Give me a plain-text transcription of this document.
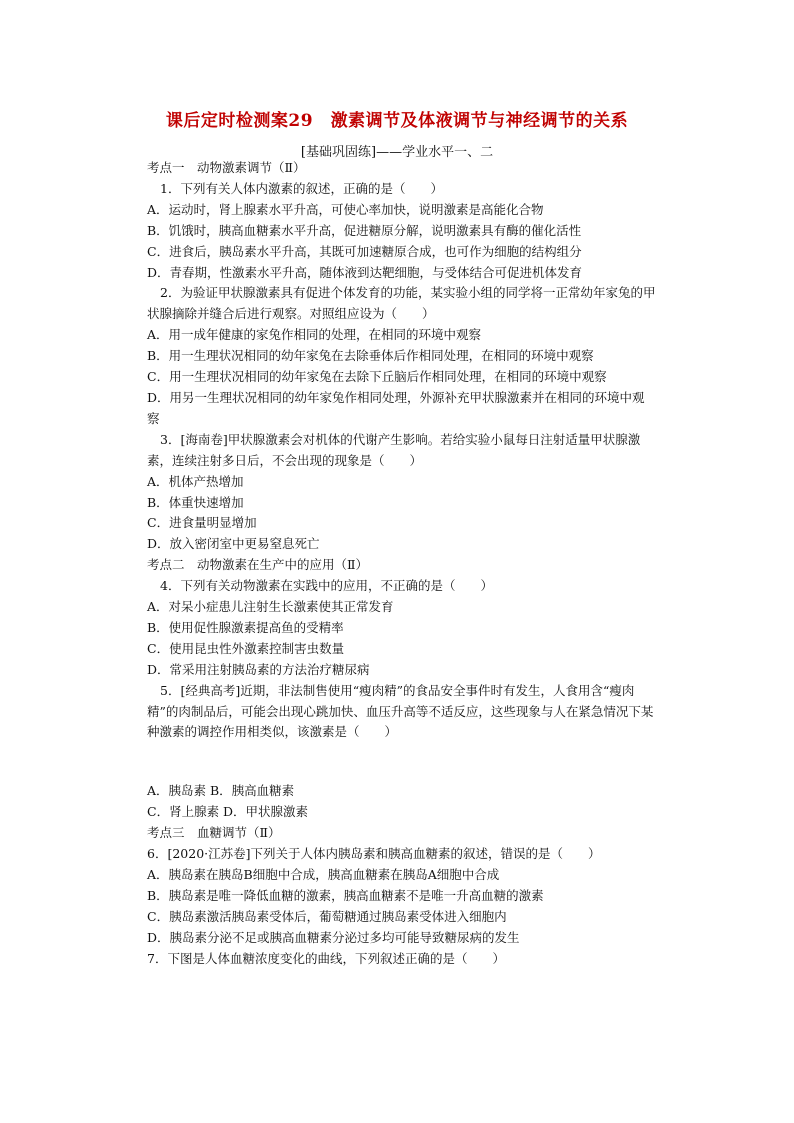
课后定时检测案29　激素调节及体液调节与神经调节的关系
[基础巩固练]——学业水平一、二
考点一　动物激素调节（Ⅱ）
1．下列有关人体内激素的叙述，正确的是（　　）
A．运动时，肾上腺素水平升高，可使心率加快，说明激素是高能化合物
B．饥饿时，胰高血糖素水平升高，促进糖原分解，说明激素具有酶的催化活性
C．进食后，胰岛素水平升高，其既可加速糖原合成，也可作为细胞的结构组分
D．青春期，性激素水平升高，随体液到达靶细胞，与受体结合可促进机体发育
2．为验证甲状腺激素具有促进个体发育的功能，某实验小组的同学将一正常幼年家兔的甲状腺摘除并缝合后进行观察。对照组应设为（　　）
A．用一成年健康的家兔作相同的处理，在相同的环境中观察
B．用一生理状况相同的幼年家兔在去除垂体后作相同处理，在相同的环境中观察
C．用一生理状况相同的幼年家兔在去除下丘脑后作相同处理，在相同的环境中观察
D．用另一生理状况相同的幼年家兔作相同处理，外源补充甲状腺激素并在相同的环境中观察
3．[海南卷]甲状腺激素会对机体的代谢产生影响。若给实验小鼠每日注射适量甲状腺激素，连续注射多日后，不会出现的现象是（　　）
A．机体产热增加
B．体重快速增加
C．进食量明显增加
D．放入密闭室中更易窒息死亡
考点二　动物激素在生产中的应用（Ⅱ）
4．下列有关动物激素在实践中的应用，不正确的是（　　）
A．对呆小症患儿注射生长激素使其正常发育
B．使用促性腺激素提高鱼的受精率
C．使用昆虫性外激素控制害虫数量
D．常采用注射胰岛素的方法治疗糖尿病
5．[经典高考]近期，非法制售使用“瘦肉精”的食品安全事件时有发生，人食用含“瘦肉精”的肉制品后，可能会出现心跳加快、血压升高等不适反应，这些现象与人在紧急情况下某种激素的调控作用相类似，该激素是（　　）
A．胰岛素 B．胰高血糖素
C．肾上腺素 D．甲状腺激素
考点三　血糖调节（Ⅱ）
6．[2020·江苏卷]下列关于人体内胰岛素和胰高血糖素的叙述，错误的是（　　）
A．胰岛素在胰岛B细胞中合成，胰高血糖素在胰岛A细胞中合成
B．胰岛素是唯一降低血糖的激素，胰高血糖素不是唯一升高血糖的激素
C．胰岛素激活胰岛素受体后，葡萄糖通过胰岛素受体进入细胞内
D．胰岛素分泌不足或胰高血糖素分泌过多均可能导致糖尿病的发生
7．下图是人体血糖浓度变化的曲线，下列叙述正确的是（　　）
